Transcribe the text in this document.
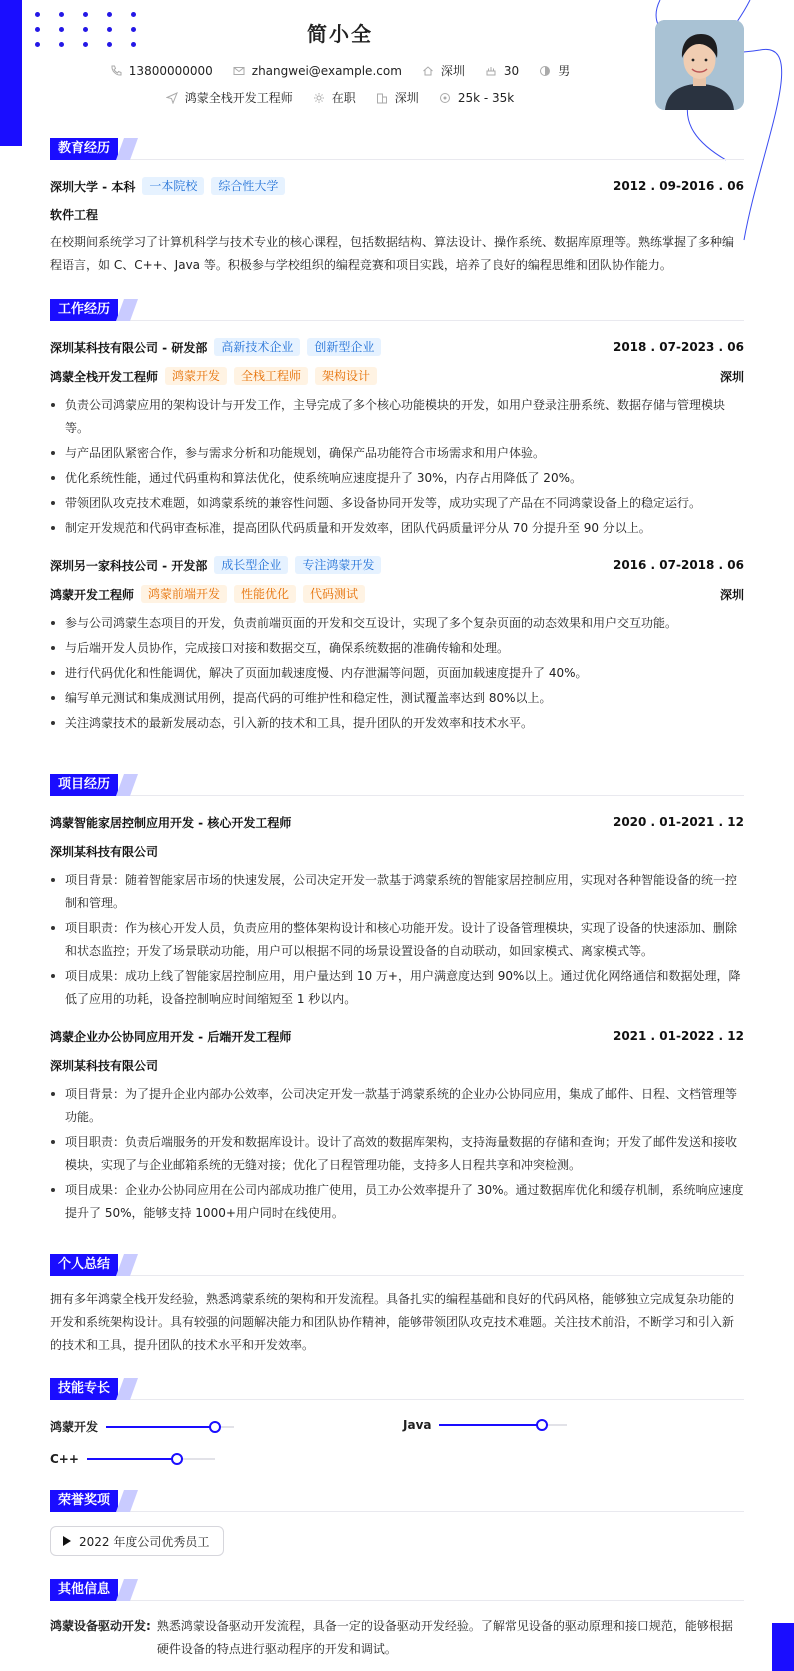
简小全
13800000000	zhangwei@example.com	深圳	30	男
鸿蒙全栈开发工程师	在职	深圳	25k - 35k
教育经历
深圳大学 - 本科	一本院校	综合性大学	2012 . 09-2016 . 06
软件工程

在校期间系统学习了计算机科学与技术专业的核心课程，包括数据结构、算法设计、操作系统、数据库原理等。熟练掌握了多种编程语言，如 C、C++、Java 等。积极参与学校组织的编程竞赛和项目实践，培养了良好的编程思维和团队协作能力。

工作经历
深圳某科技有限公司 - 研发部	高新技术企业	创新型企业	2018 . 07-2023 . 06
鸿蒙全栈开发工程师	鸿蒙开发	全栈工程师	架构设计	深圳
负责公司鸿蒙应用的架构设计与开发工作，主导完成了多个核心功能模块的开发，如用户登录注册系统、数据存储与管理模块等。
与产品团队紧密合作，参与需求分析和功能规划，确保产品功能符合市场需求和用户体验。
优化系统性能，通过代码重构和算法优化，使系统响应速度提升了 30%，内存占用降低了 20%。
带领团队攻克技术难题，如鸿蒙系统的兼容性问题、多设备协同开发等，成功实现了产品在不同鸿蒙设备上的稳定运行。
制定开发规范和代码审查标准，提高团队代码质量和开发效率，团队代码质量评分从 70 分提升至 90 分以上。
深圳另一家科技公司 - 开发部	成长型企业	专注鸿蒙开发	2016 . 07-2018 . 06
鸿蒙开发工程师	鸿蒙前端开发	性能优化	代码测试	深圳
参与公司鸿蒙生态项目的开发，负责前端页面的开发和交互设计，实现了多个复杂页面的动态效果和用户交互功能。
与后端开发人员协作，完成接口对接和数据交互，确保系统数据的准确传输和处理。
进行代码优化和性能调优，解决了页面加载速度慢、内存泄漏等问题，页面加载速度提升了 40%。
编写单元测试和集成测试用例，提高代码的可维护性和稳定性，测试覆盖率达到 80%以上。
关注鸿蒙技术的最新发展动态，引入新的技术和工具，提升团队的开发效率和技术水平。
项目经历
鸿蒙智能家居控制应用开发 - 核心开发工程师	2020 . 01-2021 . 12
深圳某科技有限公司
项目背景：随着智能家居市场的快速发展，公司决定开发一款基于鸿蒙系统的智能家居控制应用，实现对各种智能设备的统一控制和管理。
项目职责：作为核心开发人员，负责应用的整体架构设计和核心功能开发。设计了设备管理模块，实现了设备的快速添加、删除和状态监控；开发了场景联动功能，用户可以根据不同的场景设置设备的自动联动，如回家模式、离家模式等。
项目成果：成功上线了智能家居控制应用，用户量达到 10 万+，用户满意度达到 90%以上。通过优化网络通信和数据处理，降低了应用的功耗，设备控制响应时间缩短至 1 秒以内。
鸿蒙企业办公协同应用开发 - 后端开发工程师	2021 . 01-2022 . 12
深圳某科技有限公司
项目背景：为了提升企业内部办公效率，公司决定开发一款基于鸿蒙系统的企业办公协同应用，集成了邮件、日程、文档管理等功能。
项目职责：负责后端服务的开发和数据库设计。设计了高效的数据库架构，支持海量数据的存储和查询；开发了邮件发送和接收模块，实现了与企业邮箱系统的无缝对接；优化了日程管理功能，支持多人日程共享和冲突检测。
项目成果：企业办公协同应用在公司内部成功推广使用，员工办公效率提升了 30%。通过数据库优化和缓存机制，系统响应速度提升了 50%，能够支持 1000+用户同时在线使用。
个人总结

拥有多年鸿蒙全栈开发经验，熟悉鸿蒙系统的架构和开发流程。具备扎实的编程基础和良好的代码风格，能够独立完成复杂功能的开发和系统架构设计。具有较强的问题解决能力和团队协作精神，能够带领团队攻克技术难题。关注技术前沿，不断学习和引入新的技术和工具，提升团队的技术水平和开发效率。

技能专长
鸿蒙开发	Java
C++
荣誉奖项
2022 年度公司优秀员工
其他信息
鸿蒙设备驱动开发: 熟悉鸿蒙设备驱动开发流程，具备一定的设备驱动开发经验。了解常见设备的驱动原理和接口规范，能够根据硬件设备的特点进行驱动程序的开发和调试。
